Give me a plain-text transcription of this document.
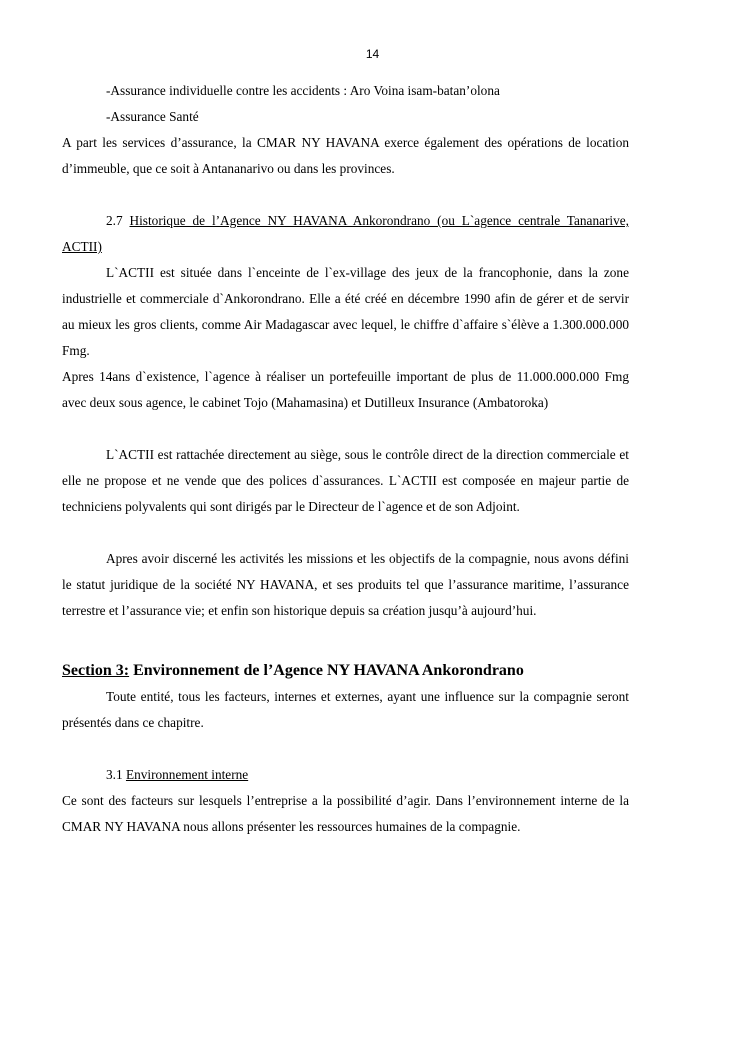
14

-Assurance individuelle contre les accidents : Aro Voina isam-batan’olona

-Assurance Santé

A part les services d’assurance, la CMAR NY HAVANA exerce également des opérations de location d’immeuble, que ce soit à Antananarivo ou dans les provinces.

2.7 Historique de l’Agence NY HAVANA Ankorondrano (ou L`agence centrale Tananarive, ACTII)

L`ACTII est située dans l`enceinte de l`ex-village des jeux de la francophonie, dans la zone industrielle et commerciale d`Ankorondrano. Elle a été créé en décembre 1990 afin de gérer et de servir au mieux les gros clients, comme Air Madagascar avec lequel, le chiffre d`affaire s`élève a 1.300.000.000 Fmg.

Apres 14ans d`existence, l`agence à réaliser un portefeuille important de plus de 11.000.000.000 Fmg avec deux sous agence, le cabinet Tojo (Mahamasina) et Dutilleux Insurance (Ambatoroka)

L`ACTII est rattachée directement au siège, sous le contrôle direct de la direction commerciale et elle ne propose et ne vende que des polices d`assurances. L`ACTII est composée en majeur partie de techniciens polyvalents qui sont dirigés par le Directeur de l`agence et de son Adjoint.

Apres avoir discerné les activités les missions et les objectifs de la compagnie, nous avons défini le statut juridique de la société NY HAVANA, et ses produits tel que l’assurance maritime, l’assurance terrestre et l’assurance vie; et enfin son historique depuis sa création jusqu’à aujourd’hui.

Section 3: Environnement de l’Agence NY HAVANA Ankorondrano

Toute entité, tous les facteurs, internes et externes, ayant une influence sur la compagnie seront présentés dans ce chapitre.

3.1 Environnement interne

Ce sont des facteurs sur lesquels l’entreprise a la possibilité d’agir. Dans l’environnement interne de la CMAR NY HAVANA nous allons présenter les ressources humaines de la compagnie.
